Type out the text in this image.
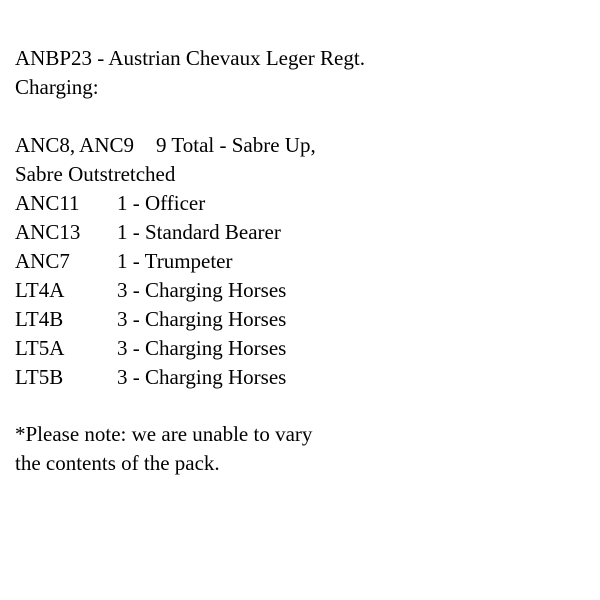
ANBP23 - Austrian Chevaux Leger Regt.
Charging:
ANC8, ANC9 9 Total - Sabre Up,
Sabre Outstretched
ANC11	1 - Officer
ANC13	1 - Standard Bearer
ANC7	1 - Trumpeter
LT4A	3 - Charging Horses
LT4B	3 - Charging Horses
LT5A	3 - Charging Horses
LT5B	3 - Charging Horses
*Please note: we are unable to vary
the contents of the pack.
